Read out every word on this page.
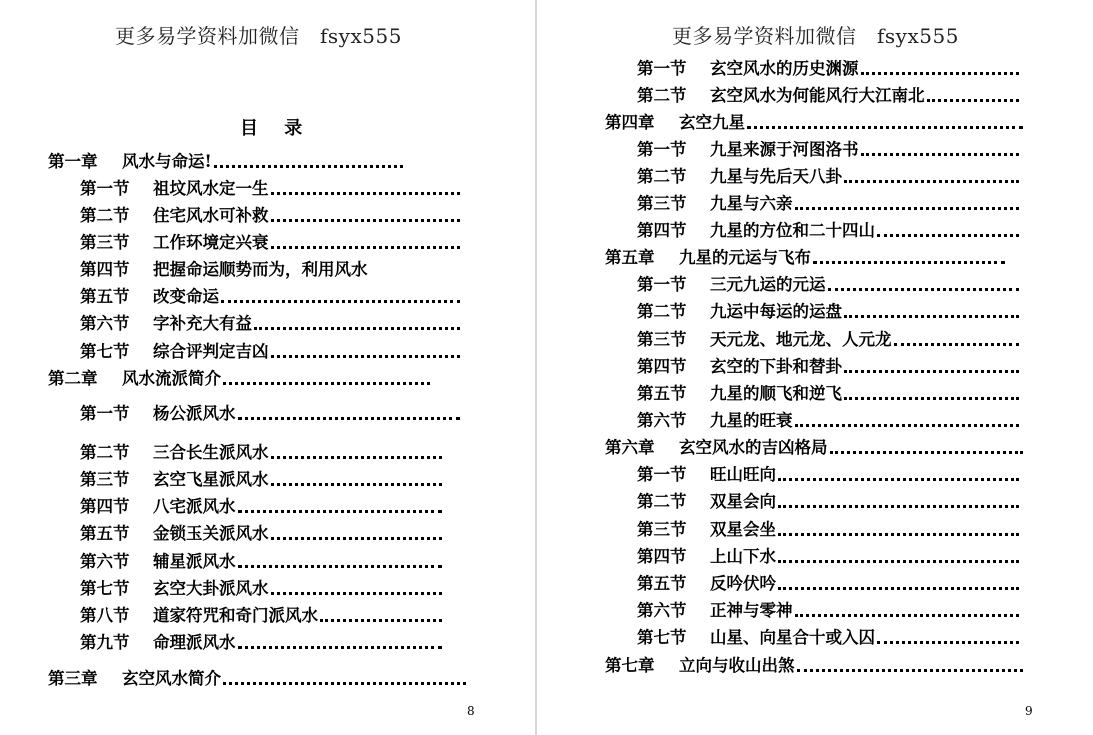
更多易学资料加微信　fsyx555
目 录
第一章	风水与命运!
第一节	祖坟风水定一生
第二节	住宅风水可补救
第三节	工作环境定兴衰
第四节	把握命运顺势而为，利用风水
第五节	改变命运
第六节	字补充大有益
第七节	综合评判定吉凶
第二章	风水流派简介
第一节	杨公派风水
第二节	三合长生派风水
第三节	玄空飞星派风水
第四节	八宅派风水
第五节	金锁玉关派风水
第六节	辅星派风水
第七节	玄空大卦派风水
第八节	道家符咒和奇门派风水
第九节	命理派风水
第三章	玄空风水简介
8
更多易学资料加微信　fsyx555
第一节	玄空风水的历史渊源
第二节	玄空风水为何能风行大江南北
第四章	玄空九星
第一节	九星来源于河图洛书
第二节	九星与先后天八卦
第三节	九星与六亲
第四节	九星的方位和二十四山
第五章	九星的元运与飞布
第一节	三元九运的元运
第二节	九运中每运的运盘
第三节	天元龙、地元龙、人元龙
第四节	玄空的下卦和替卦
第五节	九星的顺飞和逆飞
第六节	九星的旺衰
第六章	玄空风水的吉凶格局
第一节	旺山旺向
第二节	双星会向
第三节	双星会坐
第四节	上山下水
第五节	反吟伏吟
第六节	正神与零神
第七节	山星、向星合十或入囚
第七章	立向与收山出煞
9
